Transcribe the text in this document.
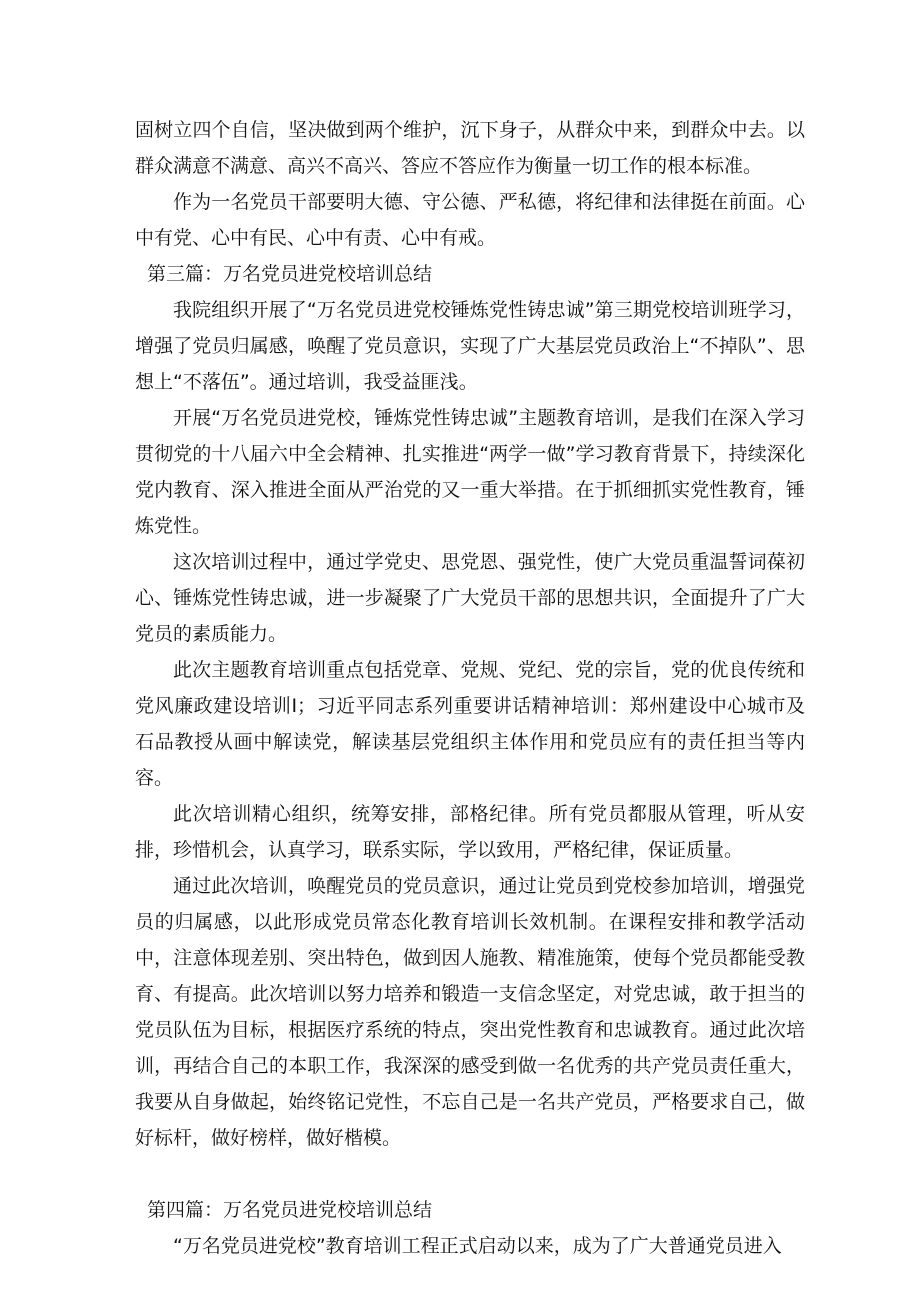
固树立四个自信，坚决做到两个维护，沉下身子，从群众中来，到群众中去。以群众满意不满意、高兴不高兴、答应不答应作为衡量一切工作的根本标准。

作为一名党员干部要明大德、守公德、严私德，将纪律和法律挺在前面。心中有党、心中有民、心中有责、心中有戒。

第三篇：万名党员进党校培训总结

我院组织开展了“万名党员进党校锤炼党性铸忠诚”第三期党校培训班学习，增强了党员归属感，唤醒了党员意识，实现了广大基层党员政治上“不掉队”、思想上“不落伍”。通过培训，我受益匪浅。

开展“万名党员进党校，锤炼党性铸忠诚”主题教育培训，是我们在深入学习贯彻党的十八届六中全会精神、扎实推进“两学一做”学习教育背景下，持续深化党内教育、深入推进全面从严治党的又一重大举措。在于抓细抓实党性教育，锤炼党性。

这次培训过程中，通过学党史、思党恩、强党性，使广大党员重温誓词葆初心、锤炼党性铸忠诚，进一步凝聚了广大党员干部的思想共识，全面提升了广大党员的素质能力。

此次主题教育培训重点包括党章、党规、党纪、党的宗旨，党的优良传统和党风廉政建设培训I；习近平同志系列重要讲话精神培训：郑州建设中心城市及石品教授从画中解读党，解读基层党组织主体作用和党员应有的责任担当等内容。

此次培训精心组织，统筹安排，部格纪律。所有党员都服从管理，听从安排，珍惜机会，认真学习，联系实际，学以致用，严格纪律，保证质量。

通过此次培训，唤醒党员的党员意识，通过让党员到党校参加培训，增强党员的归属感，以此形成党员常态化教育培训长效机制。在课程安排和教学活动中，注意体现差别、突出特色，做到因人施教、精准施策，使每个党员都能受教育、有提高。此次培训以努力培养和锻造一支信念坚定，对党忠诚，敢于担当的党员队伍为目标，根据医疗系统的特点，突出党性教育和忠诚教育。通过此次培训，再结合自己的本职工作，我深深的感受到做一名优秀的共产党员责任重大，我要从自身做起，始终铭记党性，不忘自己是一名共产党员，严格要求自己，做好标杆，做好榜样，做好楷模。

第四篇：万名党员进党校培训总结

“万名党员进党校”教育培训工程正式启动以来，成为了广大普通党员进入
